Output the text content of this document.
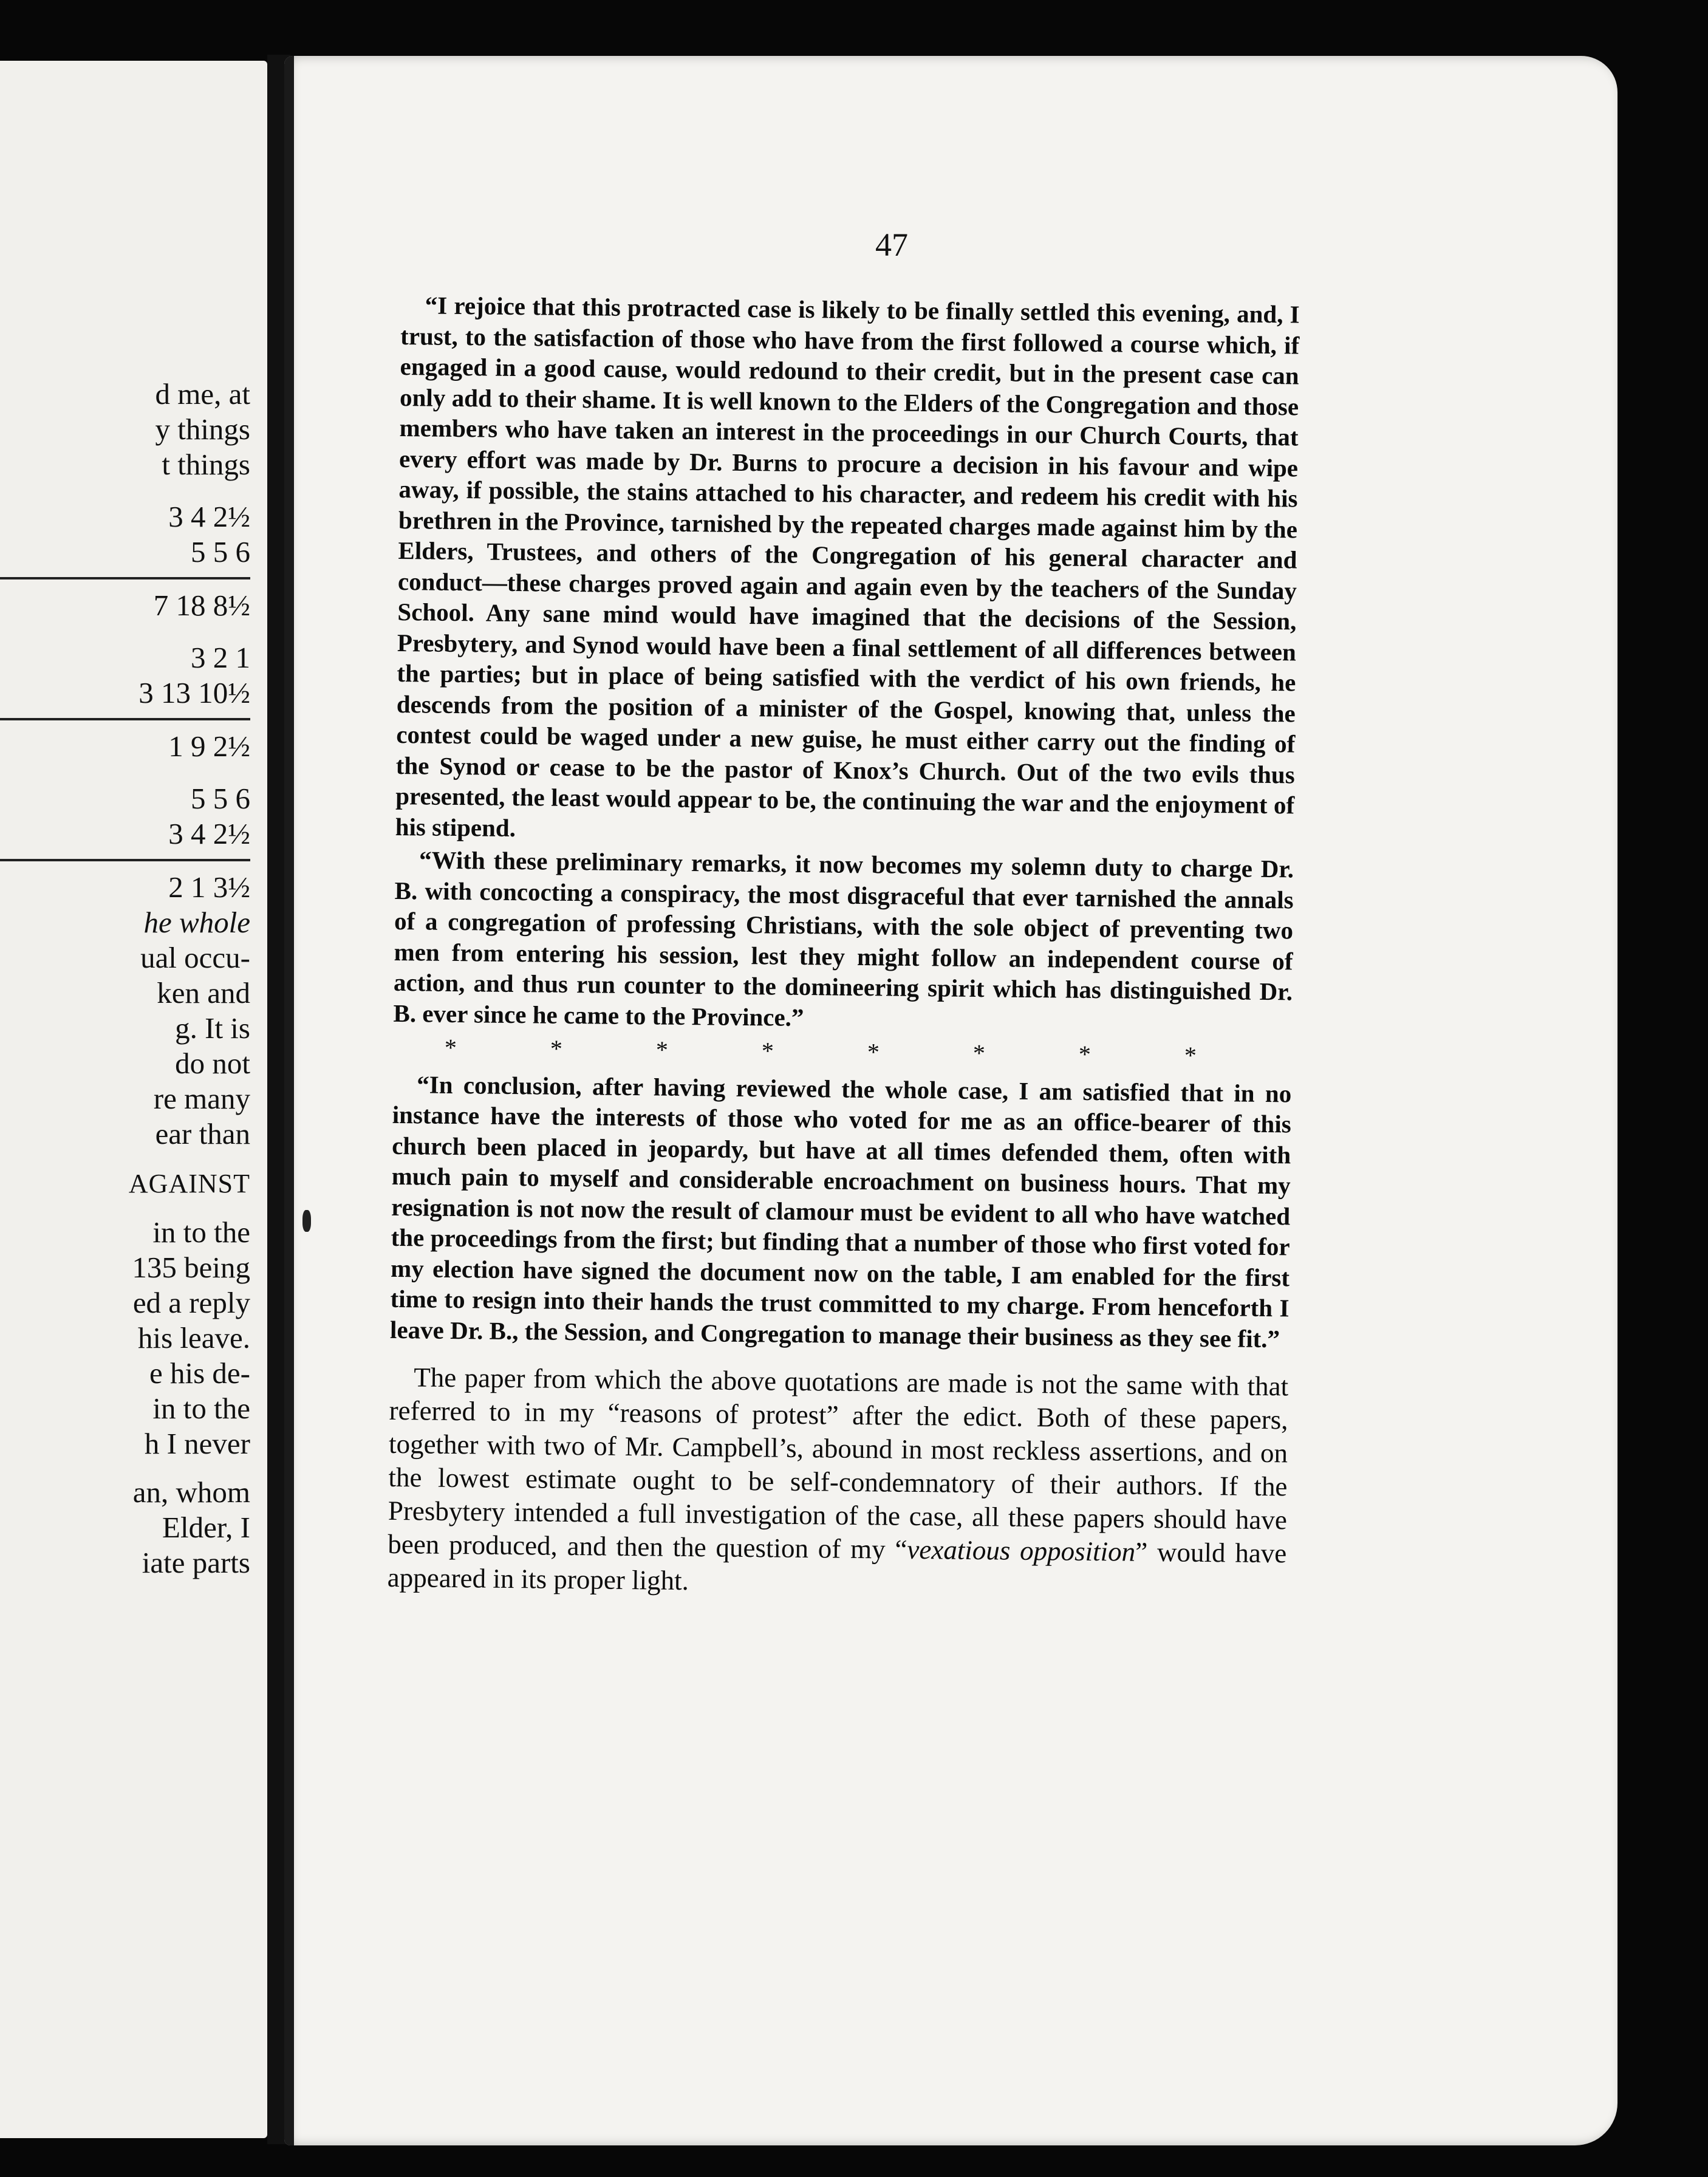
d me, at
y things
t things
3 4 2½
5 5 6
7 18 8½
3 2 1
3 13 10½
1 9 2½
5 5 6
3 4 2½
2 1 3½
he whole
ual occu-
ken and
g. It is
do not
re many
ear than
AGAINST
in to the
135 being
ed a reply
his leave.
e his de-
in to the
h I never
an, whom
Elder, I
iate parts
47

“I rejoice that this protracted case is likely to be finally settled this evening, and, I trust, to the satisfaction of those who have from the first followed a course which, if engaged in a good cause, would redound to their credit, but in the present case can only add to their shame. It is well known to the Elders of the Congregation and those members who have taken an interest in the proceedings in our Church Courts, that every effort was made by Dr. Burns to procure a decision in his favour and wipe away, if possible, the stains attached to his character, and redeem his credit with his brethren in the Province, tarnished by the repeated charges made against him by the Elders, Trustees, and others of the Congregation of his general character and conduct—these charges proved again and again even by the teachers of the Sunday School. Any sane mind would have imagined that the decisions of the Session, Presbytery, and Synod would have been a final settlement of all differences between the parties; but in place of being satisfied with the verdict of his own friends, he descends from the position of a minister of the Gospel, knowing that, unless the contest could be waged under a new guise, he must either carry out the finding of the Synod or cease to be the pastor of Knox’s Church. Out of the two evils thus presented, the least would appear to be, the continuing the war and the enjoyment of his stipend.

“With these preliminary remarks, it now becomes my solemn duty to charge Dr. B. with concocting a conspiracy, the most disgraceful that ever tarnished the annals of a congregation of professing Christians, with the sole object of preventing two men from entering his session, lest they might follow an independent course of action, and thus run counter to the domineering spirit which has distinguished Dr. B. ever since he came to the Province.”

* * * * * * * *

“In conclusion, after having reviewed the whole case, I am satisfied that in no instance have the interests of those who voted for me as an office-bearer of this church been placed in jeopardy, but have at all times defended them, often with much pain to myself and considerable encroachment on business hours. That my resignation is not now the result of clamour must be evident to all who have watched the proceedings from the first; but finding that a number of those who first voted for my election have signed the document now on the table, I am enabled for the first time to resign into their hands the trust committed to my charge. From henceforth I leave Dr. B., the Session, and Congregation to manage their business as they see fit.”

The paper from which the above quotations are made is not the same with that referred to in my “reasons of protest” after the edict. Both of these papers, together with two of Mr. Campbell’s, abound in most reckless assertions, and on the lowest estimate ought to be self-condemnatory of their authors. If the Presbytery intended a full investigation of the case, all these papers should have been produced, and then the question of my “vexatious opposition” would have appeared in its proper light.
